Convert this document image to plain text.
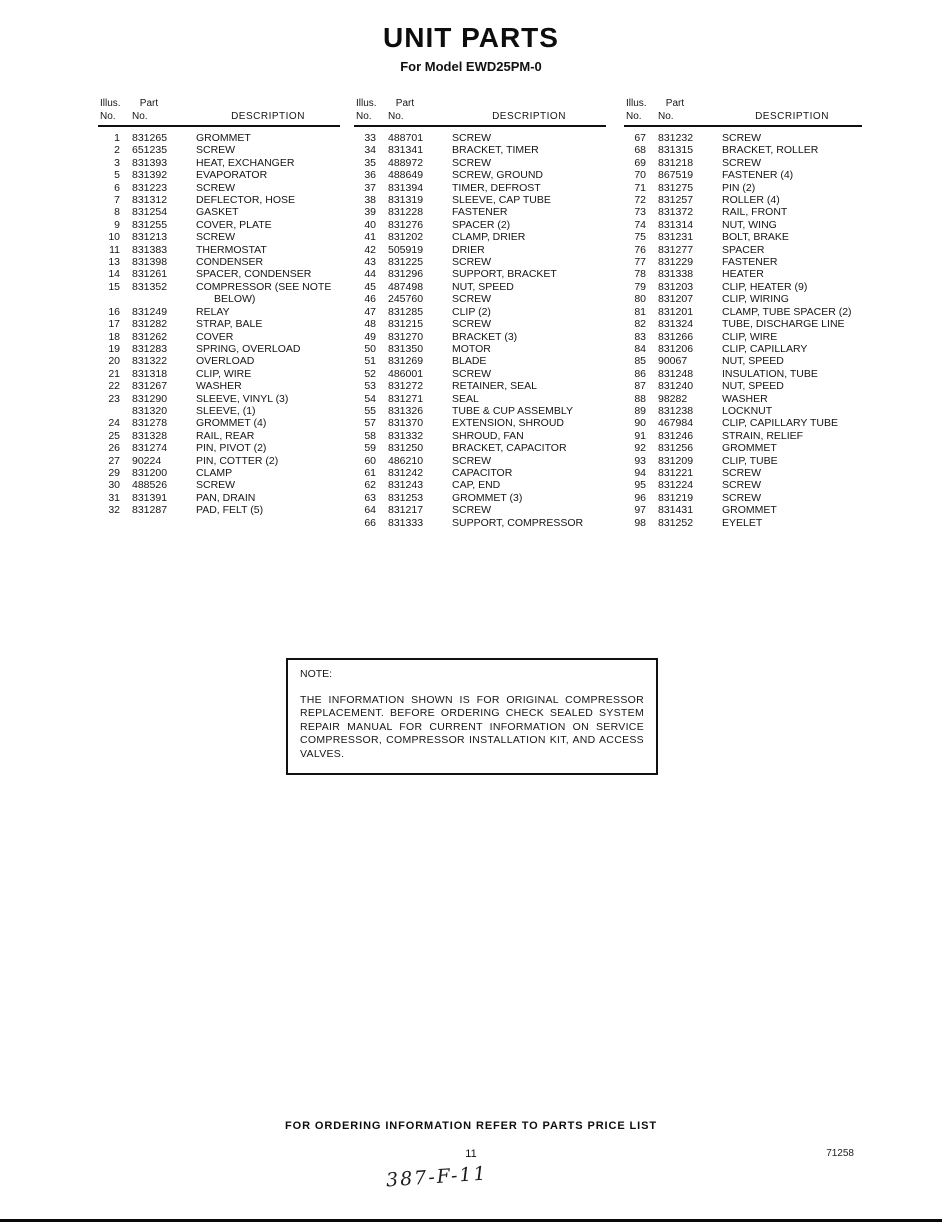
UNIT PARTS
For Model EWD25PM-0
Illus. Part
No.	No.	DESCRIPTION
1	831265	GROMMET
2	651235	SCREW
3	831393	HEAT, EXCHANGER
5	831392	EVAPORATOR
6	831223	SCREW
7	831312	DEFLECTOR, HOSE
8	831254	GASKET
9	831255	COVER, PLATE
10	831213	SCREW
11	831383	THERMOSTAT
13	831398	CONDENSER
14	831261	SPACER, CONDENSER
15	831352	COMPRESSOR (SEE NOTE BELOW)
16	831249	RELAY
17	831282	STRAP, BALE
18	831262	COVER
19	831283	SPRING, OVERLOAD
20	831322	OVERLOAD
21	831318	CLIP, WIRE
22	831267	WASHER
23	831290	SLEEVE, VINYL (3)
831320	SLEEVE, (1)
24	831278	GROMMET (4)
25	831328	RAIL, REAR
26	831274	PIN, PIVOT (2)
27	90224	PIN, COTTER (2)
29	831200	CLAMP
30	488526	SCREW
31	831391	PAN, DRAIN
32	831287	PAD, FELT (5)
Illus. Part
No.	No.	DESCRIPTION
33	488701	SCREW
34	831341	BRACKET, TIMER
35	488972	SCREW
36	488649	SCREW, GROUND
37	831394	TIMER, DEFROST
38	831319	SLEEVE, CAP TUBE
39	831228	FASTENER
40	831276	SPACER (2)
41	831202	CLAMP, DRIER
42	505919	DRIER
43	831225	SCREW
44	831296	SUPPORT, BRACKET
45	487498	NUT, SPEED
46	245760	SCREW
47	831285	CLIP (2)
48	831215	SCREW
49	831270	BRACKET (3)
50	831350	MOTOR
51	831269	BLADE
52	486001	SCREW
53	831272	RETAINER, SEAL
54	831271	SEAL
55	831326	TUBE & CUP ASSEMBLY
57	831370	EXTENSION, SHROUD
58	831332	SHROUD, FAN
59	831250	BRACKET, CAPACITOR
60	486210	SCREW
61	831242	CAPACITOR
62	831243	CAP, END
63	831253	GROMMET (3)
64	831217	SCREW
66	831333	SUPPORT, COMPRESSOR
Illus. Part
No.	No.	DESCRIPTION
67	831232	SCREW
68	831315	BRACKET, ROLLER
69	831218	SCREW
70	867519	FASTENER (4)
71	831275	PIN (2)
72	831257	ROLLER (4)
73	831372	RAIL, FRONT
74	831314	NUT, WING
75	831231	BOLT, BRAKE
76	831277	SPACER
77	831229	FASTENER
78	831338	HEATER
79	831203	CLIP, HEATER (9)
80	831207	CLIP, WIRING
81	831201	CLAMP, TUBE SPACER (2)
82	831324	TUBE, DISCHARGE LINE
83	831266	CLIP, WIRE
84	831206	CLIP, CAPILLARY
85	90067	NUT, SPEED
86	831248	INSULATION, TUBE
87	831240	NUT, SPEED
88	98282	WASHER
89	831238	LOCKNUT
90	467984	CLIP, CAPILLARY TUBE
91	831246	STRAIN, RELIEF
92	831256	GROMMET
93	831209	CLIP, TUBE
94	831221	SCREW
95	831224	SCREW
96	831219	SCREW
97	831431	GROMMET
98	831252	EYELET
NOTE:
THE INFORMATION SHOWN IS FOR ORIGINAL COMPRESSOR REPLACEMENT. BEFORE ORDERING CHECK SEALED SYSTEM REPAIR MANUAL FOR CURRENT INFORMATION ON SERVICE COMPRESSOR, COMPRESSOR INSTALLATION KIT, AND ACCESS VALVES.
FOR ORDERING INFORMATION REFER TO PARTS PRICE LIST
11	71258
387-F-11
